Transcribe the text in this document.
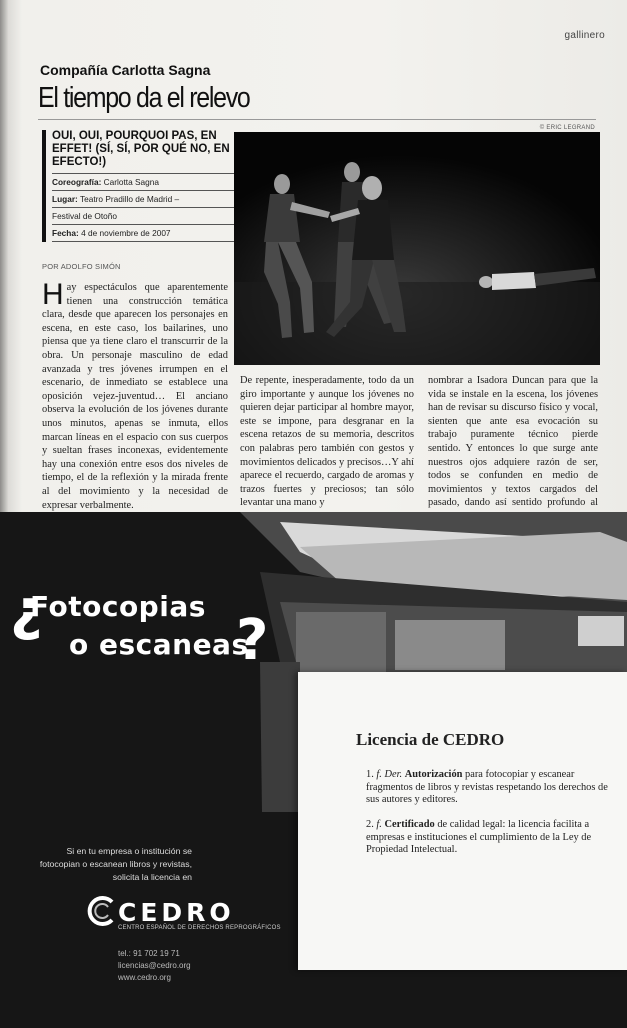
gallinero
Compañía Carlotta Sagna
El tiempo da el relevo
© ERIC LEGRAND
OUI, OUI, POURQUOI PAS, EN EFFET! (SÍ, SÍ, POR QUÉ NO, EN EFECTO!)
Coreografía: Carlotta Sagna
Lugar: Teatro Pradillo de Madrid –
Festival de Otoño
Fecha: 4 de noviembre de 2007
POR ADOLFO SIMÓN
Hay espectáculos que aparentemente tienen una construcción temática clara, desde que aparecen los personajes en escena, en este caso, los bailarines, uno piensa que ya tiene claro el transcurrir de la obra. Un personaje masculino de edad avanzada y tres jóvenes irrumpen en el escenario, de inmediato se establece una oposición vejez-juventud… El anciano observa la evolución de los jóvenes durante unos minutos, apenas se inmuta, ellos marcan líneas en el espacio con sus cuerpos y sueltan frases inconexas, evidentemente hay una conexión entre esos dos niveles de tiempo, el de la reflexión y la mirada frente al del movimiento y la necesidad de expresar verbalmente.
De repente, inesperadamente, todo da un giro importante y aunque los jóvenes no quieren dejar participar al hombre mayor, este se impone, para desgranar en la escena retazos de su memoria, descritos con palabras pero también con gestos y movimientos delicados y precisos…Y ahí aparece el recuerdo, cargado de aromas y trazos fuertes y preciosos; tan sólo levantar una mano y
nombrar a Isadora Duncan para que la vida se instale en la escena, los jóvenes han de revisar su discurso físico y vocal, sienten que ante esa evocación su trabajo puramente técnico pierde sentido. Y entonces lo que surge ante nuestros ojos adquiere razón de ser, todos se confunden en medio de movimientos y textos cargados del pasado, dando así sentido profundo al
¿
Fotocopias
o escaneas
?
Licencia de CEDRO
1. f. Der. Autorización para fotocopiar y escanear fragmentos de libros y revistas respetando los derechos de sus autores y editores.
2. f. Certificado de calidad legal: la licencia facilita a empresas e instituciones el cumplimiento de la Ley de Propiedad Intelectual.
Si en tu empresa o institución se
fotocopian o escanean libros y revistas,
solicita la licencia en
CEDRO
CENTRO ESPAÑOL DE DERECHOS REPROGRÁFICOS
tel.: 91 702 19 71
licencias@cedro.org
www.cedro.org
